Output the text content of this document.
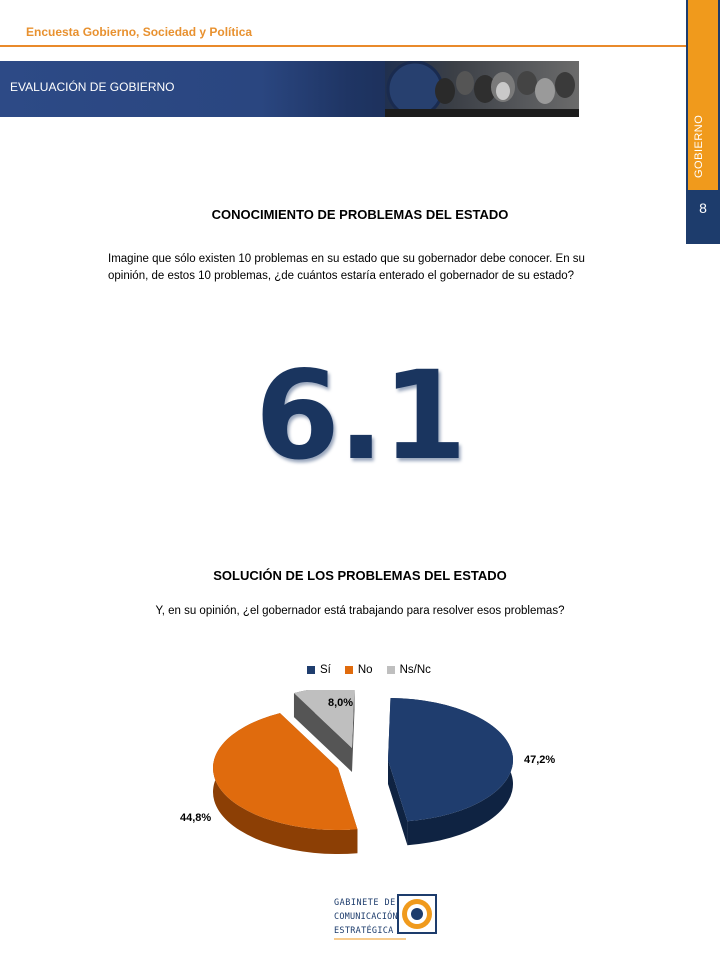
Encuesta Gobierno, Sociedad y Política
8
EVALUACIÓN DE GOBIERNO
CONOCIMIENTO DE PROBLEMAS DEL ESTADO
Imagine que sólo existen 10 problemas en su estado que su gobernador debe conocer. En su opinión, de estos 10 problemas, ¿de cuántos estaría enterado el gobernador de su estado?
6.1
SOLUCIÓN DE LOS PROBLEMAS DEL ESTADO
Y, en su opinión, ¿el gobernador está trabajando para resolver esos problemas?
Sí No Ns/Nc
47,2%
44,8%
8,0%
GABINETE DE
COMUNICACIÓN
ESTRATÉGICA
